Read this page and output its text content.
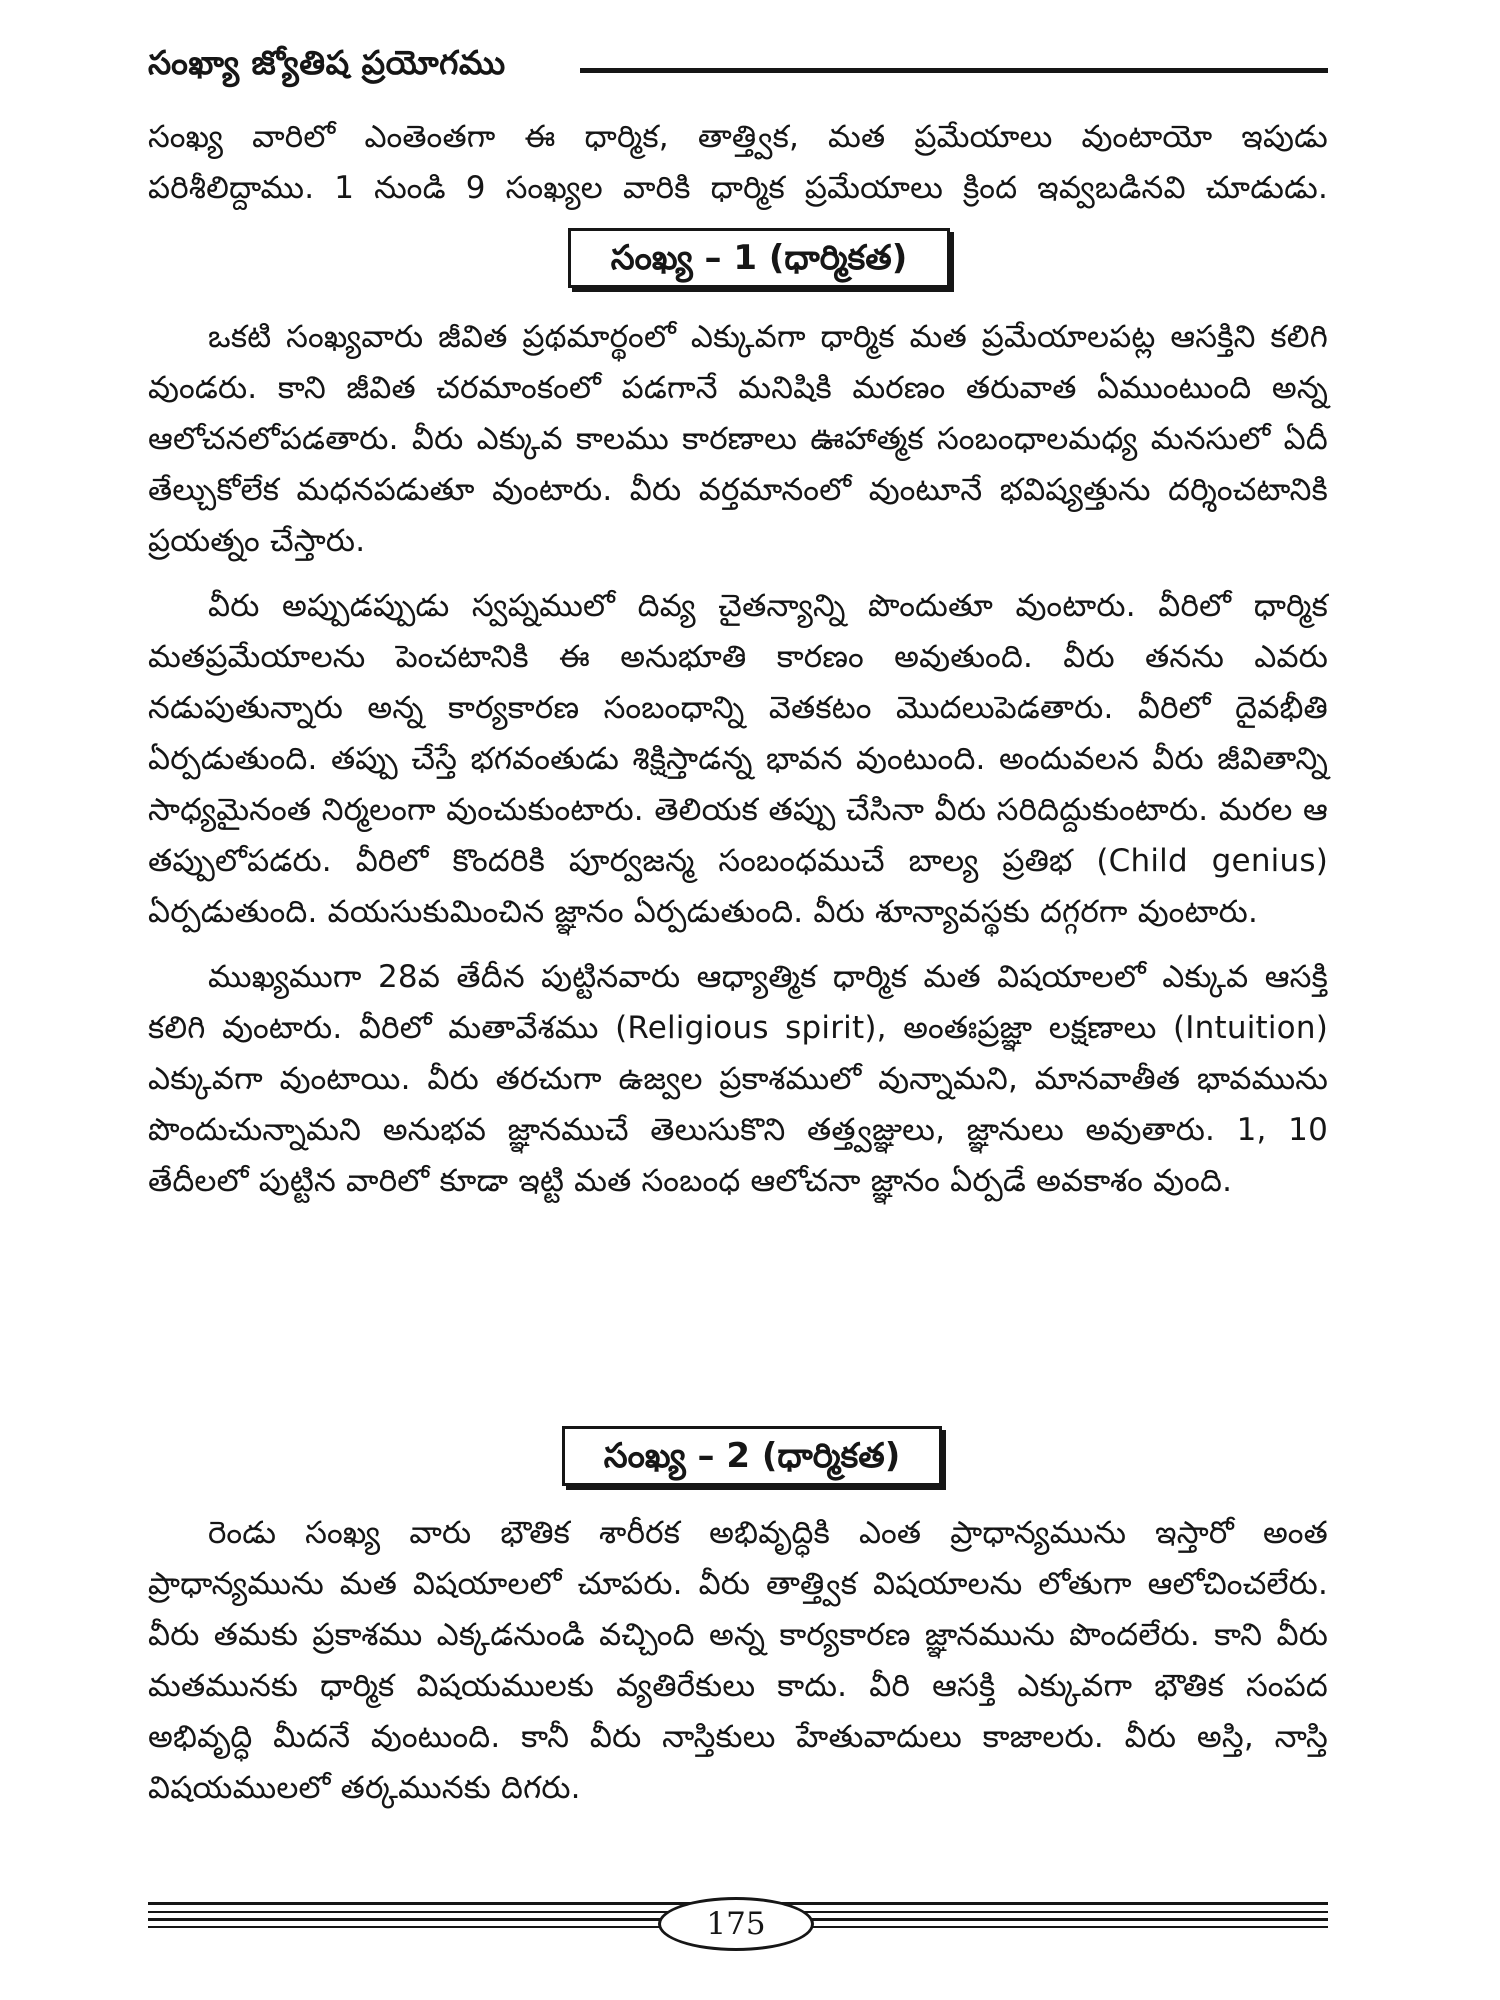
సంఖ్యా జ్యోతిష ప్రయోగము

సంఖ్య వారిలో ఎంతెంతగా ఈ ధార్మిక, తాత్త్విక, మత ప్రమేయాలు వుంటాయో ఇపుడు

పరిశీలిద్దాము. 1 నుండి 9 సంఖ్యల వారికి ధార్మిక ప్రమేయాలు క్రింద ఇవ్వబడినవి చూడుడు.

సంఖ్య – 1 (ధార్మికత)

ఒకటి సంఖ్యవారు జీవిత ప్రథమార్థంలో ఎక్కువగా ధార్మిక మత ప్రమేయాలపట్ల ఆసక్తిని కలిగి వుండరు. కాని జీవిత చరమాంకంలో పడగానే మనిషికి మరణం తరువాత ఏముంటుంది అన్న ఆలోచనలోపడతారు. వీరు ఎక్కువ కాలము కారణాలు ఊహాత్మక సంబంధాలమధ్య మనసులో ఏదీ తేల్చుకోలేక మధనపడుతూ వుంటారు. వీరు వర్తమానంలో వుంటూనే భవిష్యత్తును దర్శించటానికి ప్రయత్నం చేస్తారు.

వీరు అప్పుడప్పుడు స్వప్నములో దివ్య చైతన్యాన్ని పొందుతూ వుంటారు. వీరిలో ధార్మిక మతప్రమేయాలను పెంచటానికి ఈ అనుభూతి కారణం అవుతుంది. వీరు తనను ఎవరు నడుపుతున్నారు అన్న కార్యకారణ సంబంధాన్ని వెతకటం మొదలుపెడతారు. వీరిలో దైవభీతి ఏర్పడుతుంది. తప్పు చేస్తే భగవంతుడు శిక్షిస్తాడన్న భావన వుంటుంది. అందువలన వీరు జీవితాన్ని సాధ్యమైనంత నిర్మలంగా వుంచుకుంటారు. తెలియక తప్పు చేసినా వీరు సరిదిద్దుకుంటారు. మరల ఆ తప్పులోపడరు. వీరిలో కొందరికి పూర్వజన్మ సంబంధముచే బాల్య ప్రతిభ (Child genius) ఏర్పడుతుంది. వయసుకుమించిన జ్ఞానం ఏర్పడుతుంది. వీరు శూన్యావస్థకు దగ్గరగా వుంటారు.

ముఖ్యముగా 28వ తేదీన పుట్టినవారు ఆధ్యాత్మిక ధార్మిక మత విషయాలలో ఎక్కువ ఆసక్తి కలిగి వుంటారు. వీరిలో మతావేశము (Religious spirit), అంతఃప్రజ్ఞా లక్షణాలు (Intuition) ఎక్కువగా వుంటాయి. వీరు తరచుగా ఉజ్వల ప్రకాశములో వున్నామని, మానవాతీత భావమును పొందుచున్నామని అనుభవ జ్ఞానముచే తెలుసుకొని తత్త్వజ్ఞులు, జ్ఞానులు అవుతారు. 1, 10 తేదీలలో పుట్టిన వారిలో కూడా ఇట్టి మత సంబంధ ఆలోచనా జ్ఞానం ఏర్పడే అవకాశం వుంది.

సంఖ్య – 2 (ధార్మికత)

రెండు సంఖ్య వారు భౌతిక శారీరక అభివృద్ధికి ఎంత ప్రాధాన్యమును ఇస్తారో అంత ప్రాధాన్యమును మత విషయాలలో చూపరు. వీరు తాత్త్విక విషయాలను లోతుగా ఆలోచించలేరు. వీరు తమకు ప్రకాశము ఎక్కడనుండి వచ్చింది అన్న కార్యకారణ జ్ఞానమును పొందలేరు. కాని వీరు మతమునకు ధార్మిక విషయములకు వ్యతిరేకులు కాదు. వీరి ఆసక్తి ఎక్కువగా భౌతిక సంపద అభివృద్ధి మీదనే వుంటుంది. కానీ వీరు నాస్తికులు హేతువాదులు కాజాలరు. వీరు అస్తి, నాస్తి విషయములలో తర్కమునకు దిగరు.

175
